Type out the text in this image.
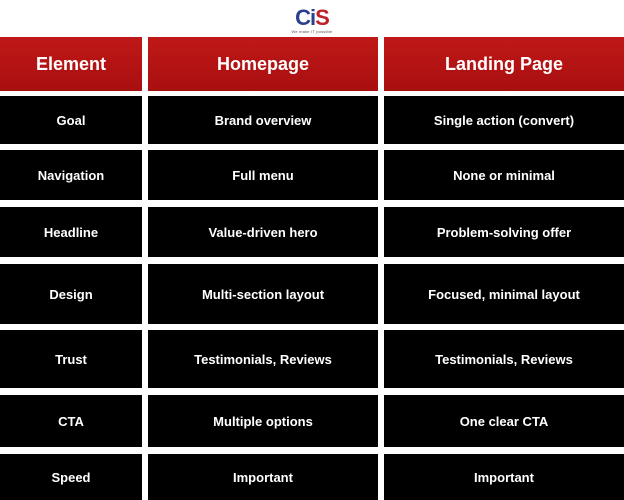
CiS
We make IT possible
Element	Homepage	Landing Page
Goal	Brand overview	Single action (convert)
Navigation	Full menu	None or minimal
Headline	Value-driven hero	Problem-solving offer
Design	Multi-section layout	Focused, minimal layout
Trust	Testimonials, Reviews	Testimonials, Reviews
CTA	Multiple options	One clear CTA
Speed	Important	Important
